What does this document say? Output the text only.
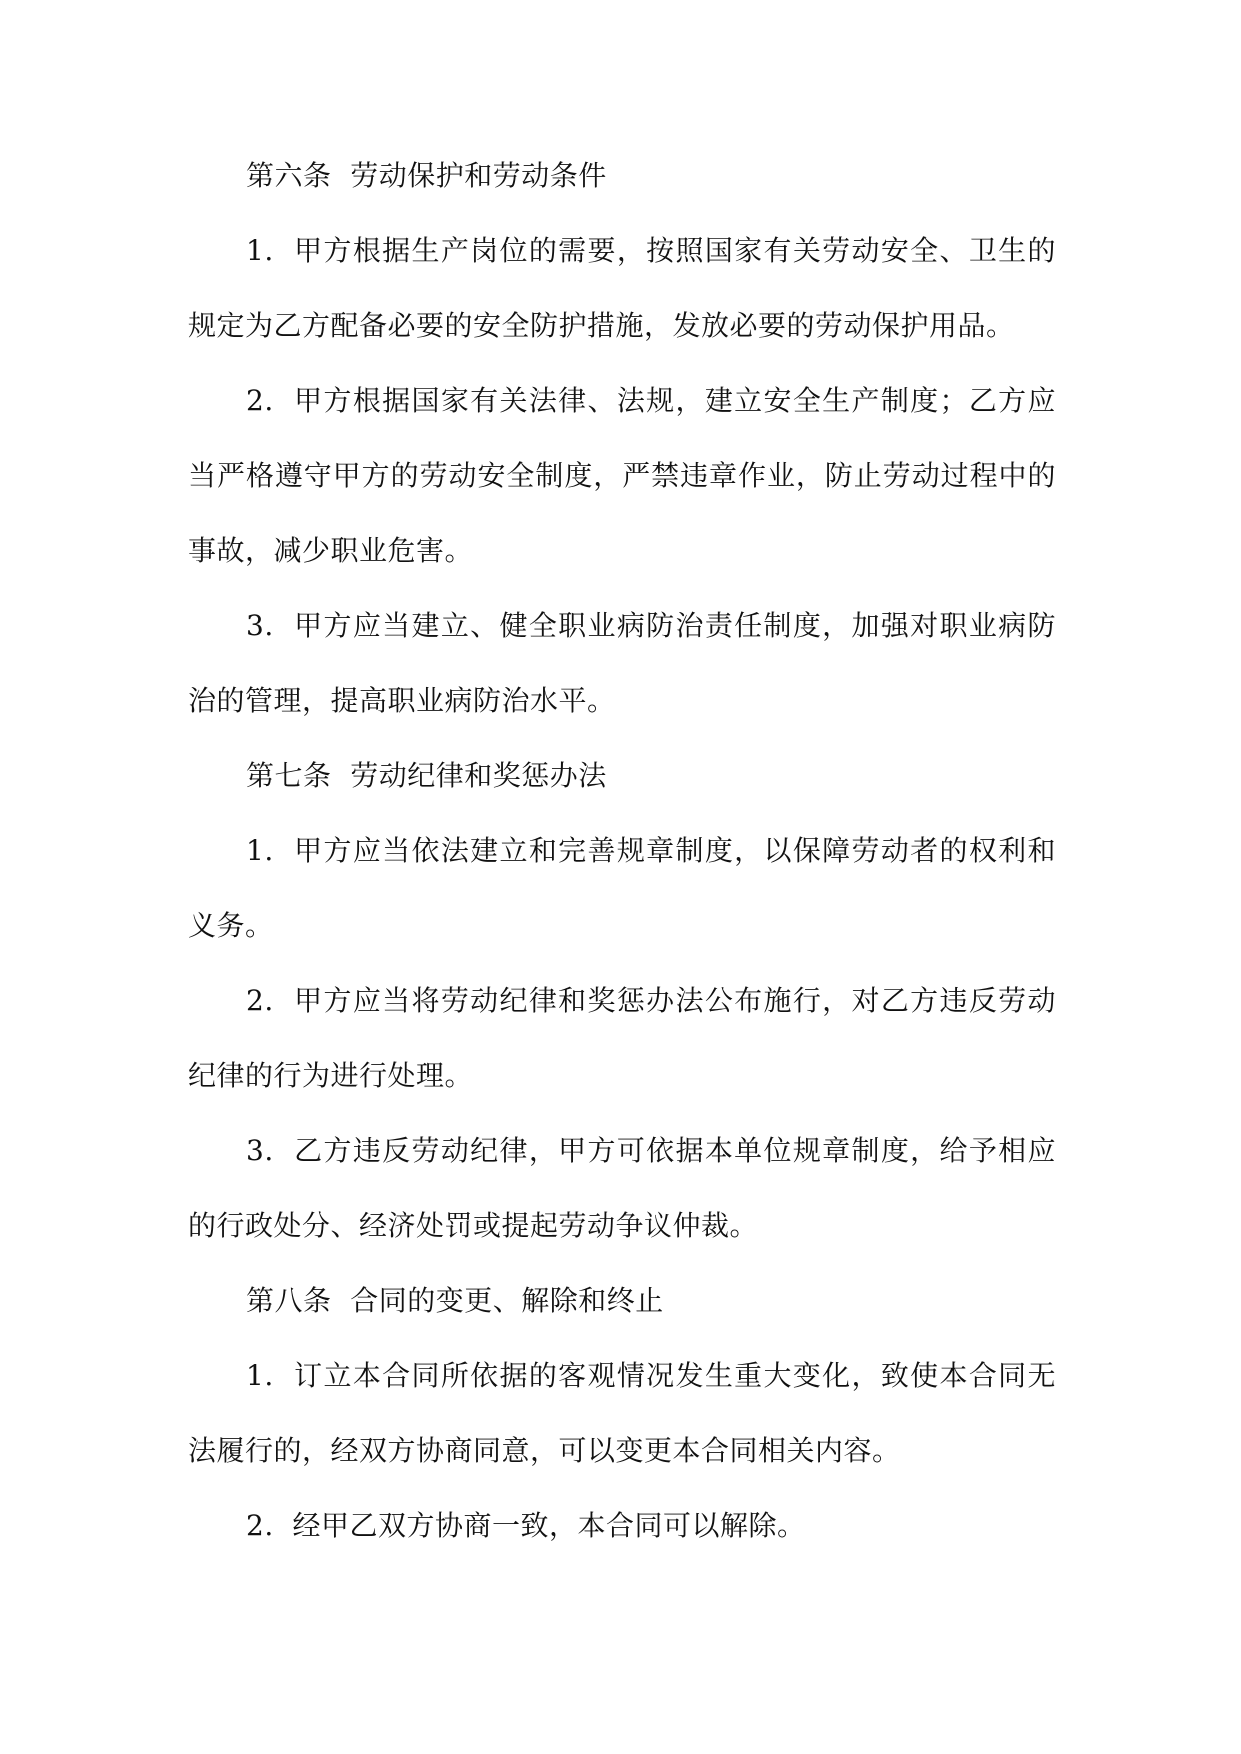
第六条  劳动保护和劳动条件

1.  甲方根据生产岗位的需要，按照国家有关劳动安全、卫生的规定为乙方配备必要的安全防护措施，发放必要的劳动保护用品。

2.  甲方根据国家有关法律、法规，建立安全生产制度；乙方应当严格遵守甲方的劳动安全制度，严禁违章作业，防止劳动过程中的事故，减少职业危害。

3.  甲方应当建立、健全职业病防治责任制度，加强对职业病防治的管理，提高职业病防治水平。

第七条  劳动纪律和奖惩办法

1.  甲方应当依法建立和完善规章制度，以保障劳动者的权利和义务。

2.  甲方应当将劳动纪律和奖惩办法公布施行，对乙方违反劳动纪律的行为进行处理。

3.  乙方违反劳动纪律，甲方可依据本单位规章制度，给予相应的行政处分、经济处罚或提起劳动争议仲裁。

第八条  合同的变更、解除和终止

1.  订立本合同所依据的客观情况发生重大变化，致使本合同无法履行的，经双方协商同意，可以变更本合同相关内容。

2.  经甲乙双方协商一致，本合同可以解除。
